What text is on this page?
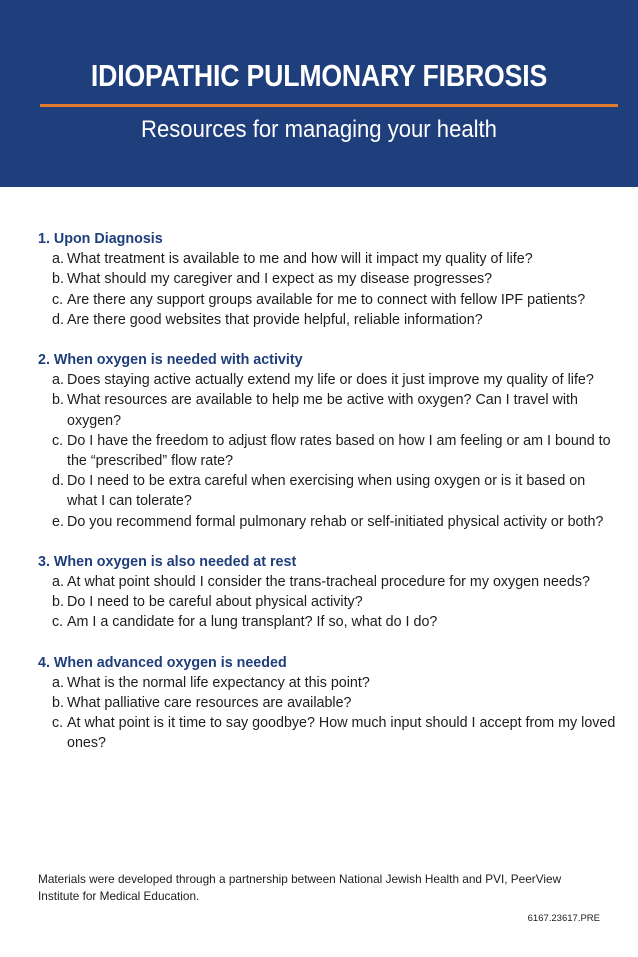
IDIOPATHIC PULMONARY FIBROSIS
Resources for managing your health
1. Upon Diagnosis
a. What treatment is available to me and how will it impact my quality of life?
b. What should my caregiver and I expect as my disease progresses?
c. Are there any support groups available for me to connect with fellow IPF patients?
d. Are there good websites that provide helpful, reliable information?
2. When oxygen is needed with activity
a. Does staying active actually extend my life or does it just improve my quality of life?
b. What resources are available to help me be active with oxygen? Can I travel with oxygen?
c. Do I have the freedom to adjust flow rates based on how I am feeling or am I bound to the “prescribed” flow rate?
d. Do I need to be extra careful when exercising when using oxygen or is it based on what I can tolerate?
e. Do you recommend formal pulmonary rehab or self-initiated physical activity or both?
3. When oxygen is also needed at rest
a. At what point should I consider the trans-tracheal procedure for my oxygen needs?
b. Do I need to be careful about physical activity?
c. Am I a candidate for a lung transplant? If so, what do I do?
4. When advanced oxygen is needed
a. What is the normal life expectancy at this point?
b. What palliative care resources are available?
c. At what point is it time to say goodbye? How much input should I accept from my loved ones?
Materials were developed through a partnership between National Jewish Health and PVI, PeerView Institute for Medical Education.
6167.23617.PRE
